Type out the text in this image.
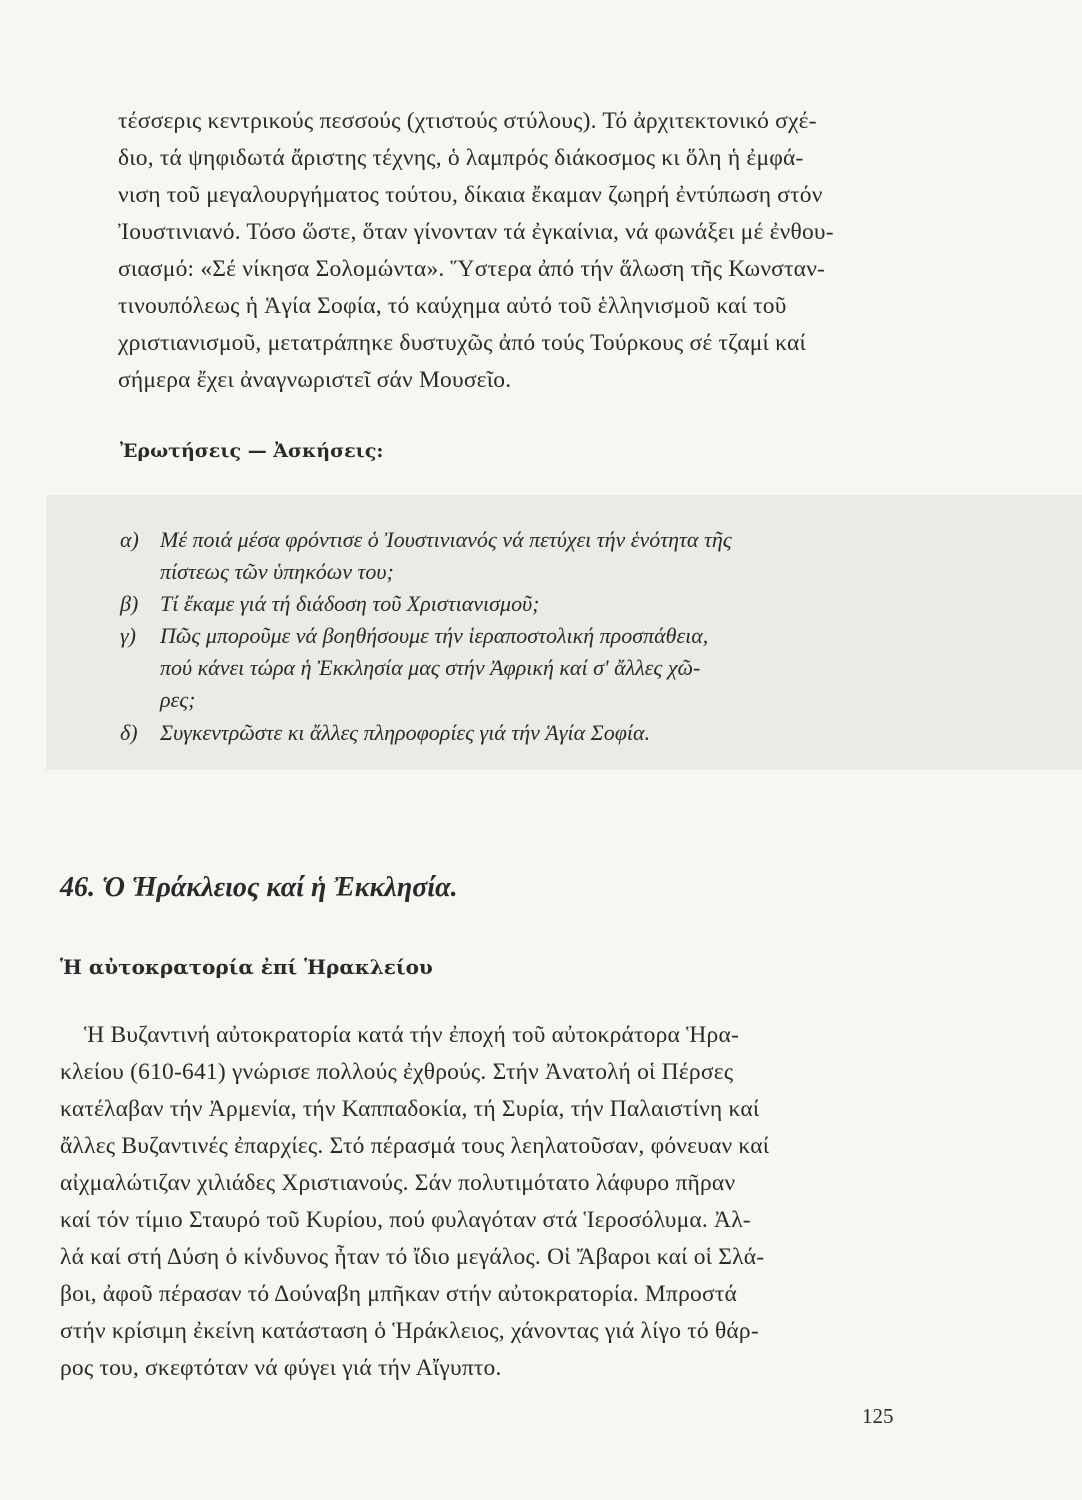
τέσσερις κεντρικούς πεσσούς (χτιστούς στύλους). Τό ἀρχιτεκτονικό σχέ-
διο, τά ψηφιδωτά ἄριστης τέχνης, ὁ λαμπρός διάκοσμος κι ὅλη ἡ ἐμφά-
νιση τοῦ μεγαλουργήματος τούτου, δίκαια ἔκαμαν ζωηρή ἐντύπωση στόν
Ἰουστινιανό. Τόσο ὥστε, ὅταν γίνονταν τά ἐγκαίνια, νά φωνάξει μέ ἐνθου-
σιασμό: «Σέ νίκησα Σολομώντα». Ὕστερα ἀπό τήν ἅλωση τῆς Κωνσταν-
τινουπόλεως ἡ Ἁγία Σοφία, τό καύχημα αὐτό τοῦ ἑλληνισμοῦ καί τοῦ
χριστιανισμοῦ, μετατράπηκε δυστυχῶς ἀπό τούς Τούρκους σέ τζαμί καί
σήμερα ἔχει ἀναγνωριστεῖ σάν Μουσεῖο.
Ἐρωτήσεις — Ἀσκήσεις:
α) Μέ ποιά μέσα φρόντισε ὁ Ἰουστινιανός νά πετύχει τήν ἑνότητα τῆς
πίστεως τῶν ὑπηκόων του;
β) Τί ἔκαμε γιά τή διάδοση τοῦ Χριστιανισμοῦ;
γ) Πῶς μποροῦμε νά βοηθήσουμε τήν ἱεραποστολική προσπάθεια,
πού κάνει τώρα ἡ Ἐκκλησία μας στήν Ἀφρική καί σ' ἄλλες χῶ-
ρες;
δ) Συγκεντρῶστε κι ἄλλες πληροφορίες γιά τήν Ἁγία Σοφία.
46. Ὁ Ἡράκλειος καί ἡ Ἐκκλησία.
Ἡ αὐτοκρατορία ἐπί Ἡρακλείου
Ἡ Βυζαντινή αὐτοκρατορία κατά τήν ἐποχή τοῦ αὐτοκράτορα Ἡρα-
κλείου (610-641) γνώρισε πολλούς ἐχθρούς. Στήν Ἀνατολή οἱ Πέρσες
κατέλαβαν τήν Ἀρμενία, τήν Καππαδοκία, τή Συρία, τήν Παλαιστίνη καί
ἄλλες Βυζαντινές ἐπαρχίες. Στό πέρασμά τους λεηλατοῦσαν, φόνευαν καί
αἰχμαλώτιζαν χιλιάδες Χριστιανούς. Σάν πολυτιμότατο λάφυρο πῆραν
καί τόν τίμιο Σταυρό τοῦ Κυρίου, πού φυλαγόταν στά Ἱεροσόλυμα. Ἀλ-
λά καί στή Δύση ὁ κίνδυνος ἦταν τό ἴδιο μεγάλος. Οἱ Ἄβαροι καί οἱ Σλά-
βοι, ἀφοῦ πέρασαν τό Δούναβη μπῆκαν στήν αὐτοκρατορία. Μπροστά
στήν κρίσιμη ἐκείνη κατάσταση ὁ Ἡράκλειος, χάνοντας γιά λίγο τό θάρ-
ρος του, σκεφτόταν νά φύγει γιά τήν Αἴγυπτο.
125
